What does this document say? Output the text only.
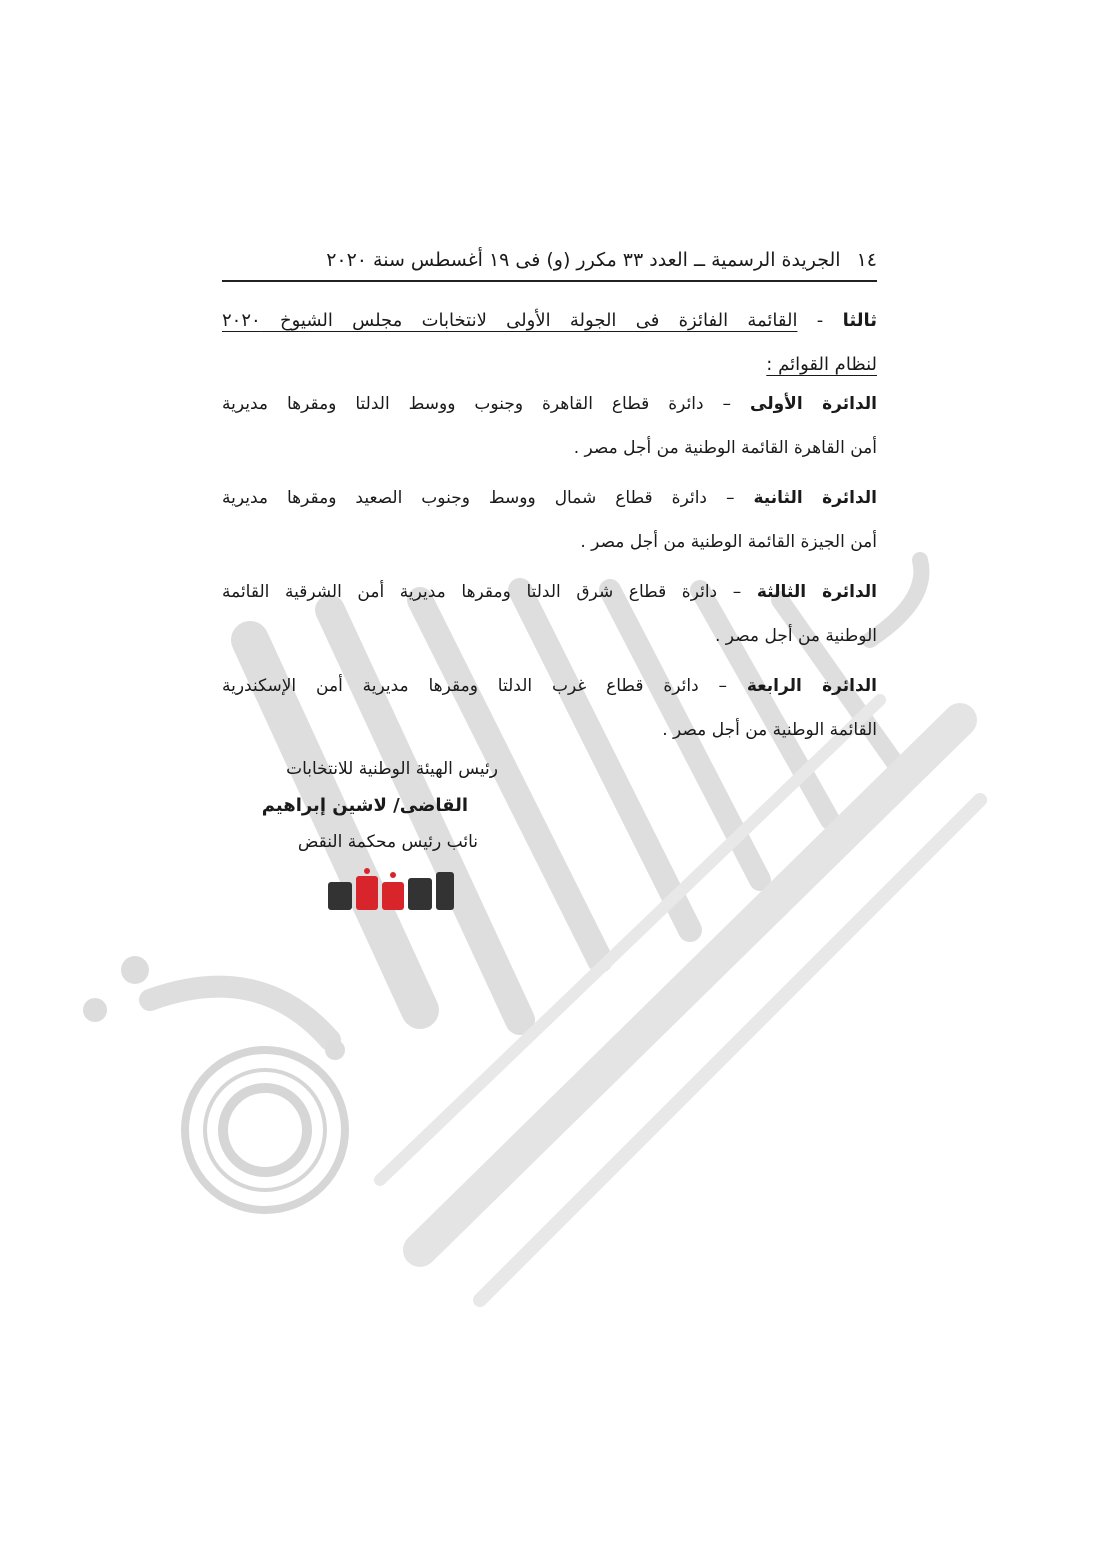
١٤
الجريدة الرسمية ــ العدد ٣٣ مكرر (و) فى ١٩ أغسطس سنة ٢٠٢٠
ثالثا - القائمة الفائزة فى الجولة الأولى لانتخابات مجلس الشيوخ ٢٠٢٠
لنظام القوائم :
الدائرة الأولى – دائرة قطاع القاهرة وجنوب ووسط الدلتا ومقرها مديرية
أمن القاهرة القائمة الوطنية من أجل مصر .
الدائرة الثانية – دائرة قطاع شمال ووسط وجنوب الصعيد ومقرها مديرية
أمن الجيزة القائمة الوطنية من أجل مصر .
الدائرة الثالثة – دائرة قطاع شرق الدلتا ومقرها مديرية أمن الشرقية القائمة
الوطنية من أجل مصر .
الدائرة الرابعة – دائرة قطاع غرب الدلتا ومقرها مديرية أمن الإسكندرية
القائمة الوطنية من أجل مصر .
رئيس الهيئة الوطنية للانتخابات
القاضى/ لاشين إبراهيم
نائب رئيس محكمة النقض
